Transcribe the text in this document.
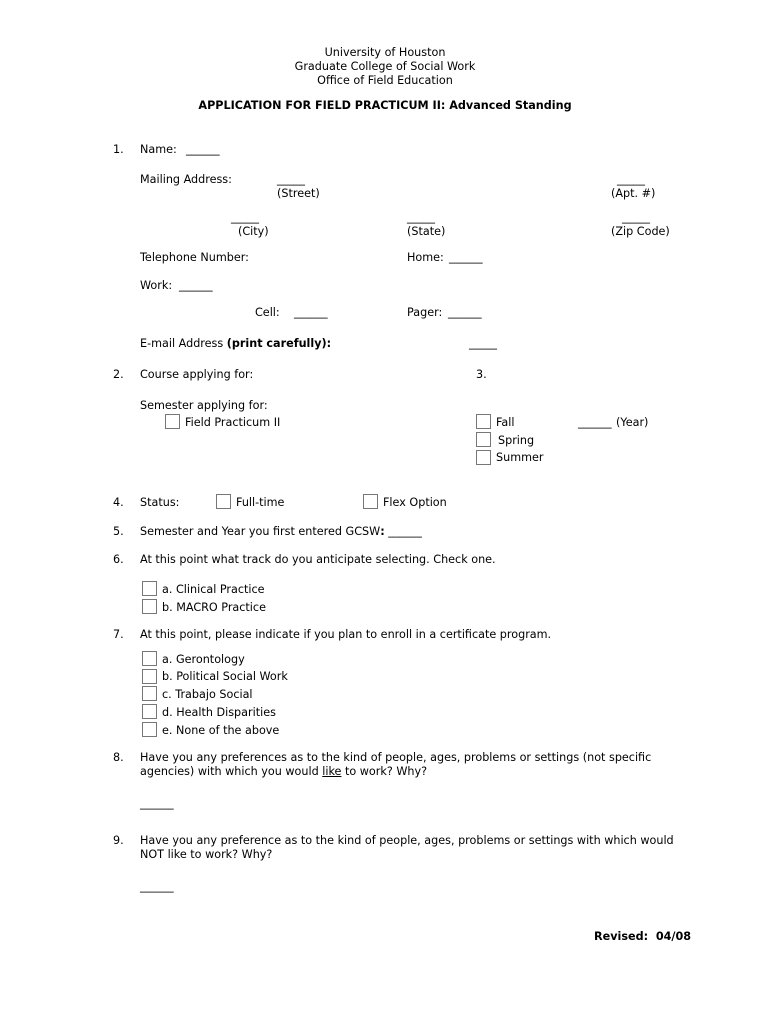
University of Houston
Graduate College of Social Work
Office of Field Education
APPLICATION FOR FIELD PRACTICUM II: Advanced Standing
1. Name: ______
Mailing Address:	_____	_____
(Street)	(Apt. #)
_____	_____	_____
(City)	(State)	(Zip Code)
Telephone Number:	Home: ______
Work: ______
Cell: ______	Pager: ______
E-mail Address (print carefully):	_____
2. Course applying for:	3.
Semester applying for:
Field Practicum II	Fall	______ (Year)
Spring
Summer
4. Status:	Full-time	Flex Option
5. Semester and Year you first entered GCSW: ______
6. At this point what track do you anticipate selecting. Check one.
a. Clinical Practice
b. MACRO Practice
7. At this point, please indicate if you plan to enroll in a certificate program.
a. Gerontology
b. Political Social Work
c. Trabajo Social
d. Health Disparities
e. None of the above
8. Have you any preferences as to the kind of people, ages, problems or settings (not specific
agencies) with which you would like to work? Why?
______
9. Have you any preference as to the kind of people, ages, problems or settings with which would
NOT like to work? Why?
______
Revised: 04/08
